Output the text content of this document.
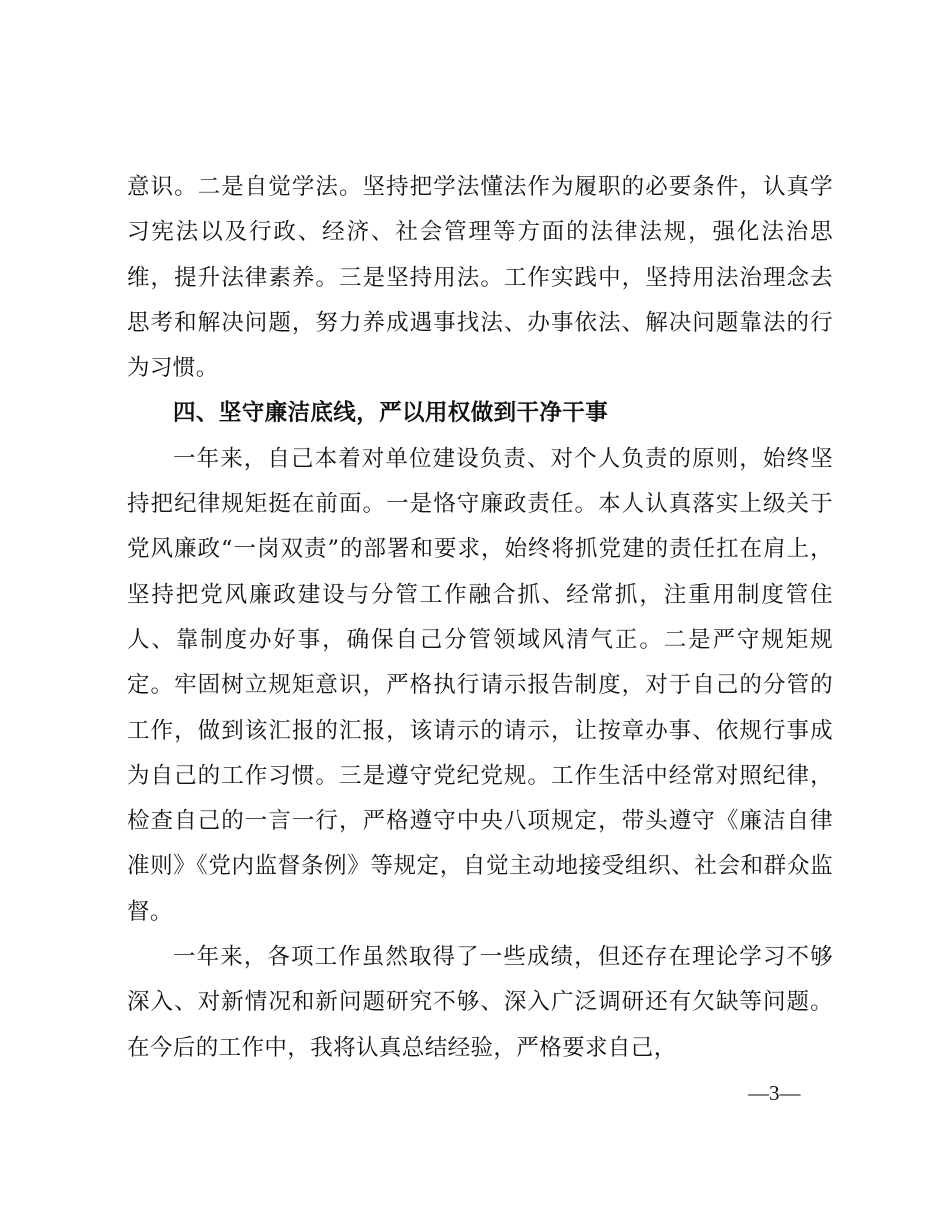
意识。二是自觉学法。坚持把学法懂法作为履职的必要条件，认真学习宪法以及行政、经济、社会管理等方面的法律法规，强化法治思维，提升法律素养。三是坚持用法。工作实践中，坚持用法治理念去思考和解决问题，努力养成遇事找法、办事依法、解决问题靠法的行为习惯。

四、坚守廉洁底线，严以用权做到干净干事

一年来，自己本着对单位建设负责、对个人负责的原则，始终坚持把纪律规矩挺在前面。一是恪守廉政责任。本人认真落实上级关于党风廉政“一岗双责”的部署和要求，始终将抓党建的责任扛在肩上，坚持把党风廉政建设与分管工作融合抓、经常抓，注重用制度管住人、靠制度办好事，确保自己分管领域风清气正。二是严守规矩规定。牢固树立规矩意识，严格执行请示报告制度，对于自己的分管的工作，做到该汇报的汇报，该请示的请示，让按章办事、依规行事成为自己的工作习惯。三是遵守党纪党规。工作生活中经常对照纪律，检查自己的一言一行，严格遵守中央八项规定，带头遵守《廉洁自律准则》《党内监督条例》等规定，自觉主动地接受组织、社会和群众监督。

一年来，各项工作虽然取得了一些成绩，但还存在理论学习不够深入、对新情况和新问题研究不够、深入广泛调研还有欠缺等问题。在今后的工作中，我将认真总结经验，严格要求自己，

—3—
